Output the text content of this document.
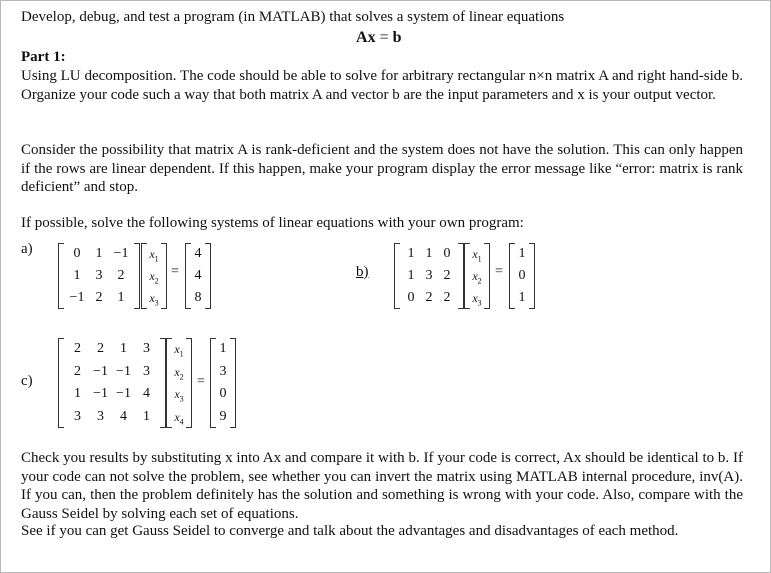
Develop, debug, and test a program (in MATLAB) that solves a system of linear equations
Ax = b
Part 1:
Using LU decomposition. The code should be able to solve for arbitrary rectangular n×n matrix A and right hand-side b. Organize your code such a way that both matrix A and vector b are the input parameters and x is your output vector.
Consider the possibility that matrix A is rank-deficient and the system does not have the solution. This can only happen if the rows are linear dependent. If this happen, make your program display the error message like “error: matrix is rank deficient” and stop.
If possible, solve the following systems of linear equations with your own program:
a)	0	1 −1
1	3	2
−1 2	1
$x_1$
$x_2$
$x_3$
=
4
4
8
b)
1 1 0
1 3 2
0 2 2
$x_1$
$x_2$
$x_3$
=
1
0
1
c)
2	2	1	3
2 −1 −1 3
1 −1 −1 4
3	3	4	1
$x_1$
$x_2$
$x_3$
$x_4$
=
1
3
0
9
Check you results by substituting x into Ax and compare it with b. If your code is correct, Ax should be identical to b. If your code can not solve the problem, see whether you can invert the matrix using MATLAB internal procedure, inv(A). If you can, then the problem definitely has the solution and something is wrong with your code. Also, compare with the Gauss Seidel by solving each set of equations.
See if you can get Gauss Seidel to converge and talk about the advantages and disadvantages of each method.
